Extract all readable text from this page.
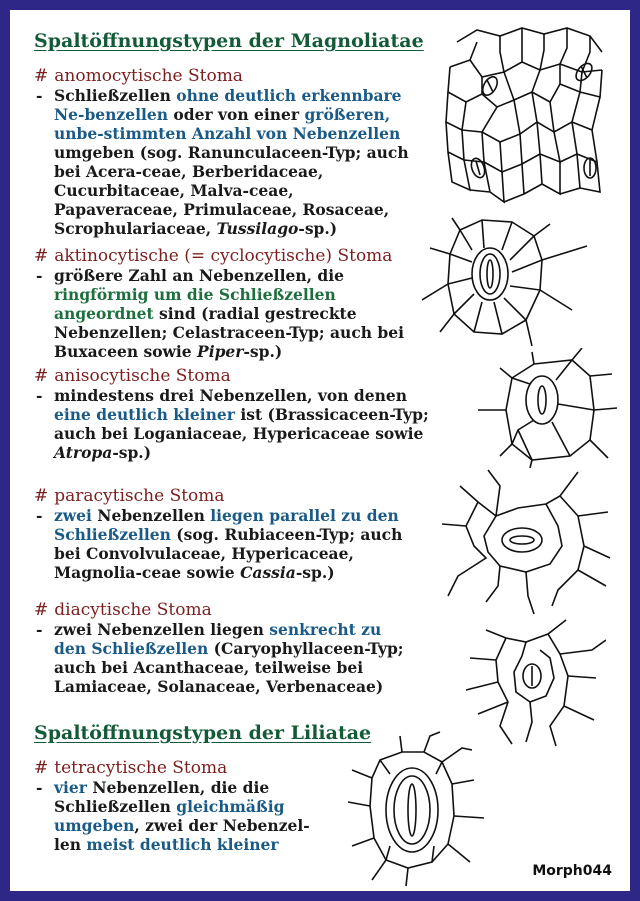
Spaltöffnungstypen der Magnoliatae
# anomocytische Stoma
- Schließzellen ohne deutlich erkennbare Ne-benzellen oder von einer größeren, unbe-stimmten Anzahl von Nebenzellen umgeben (sog. Ranunculaceen-Typ; auch bei Acera-ceae, Berberidaceae, Cucurbitaceae, Malva-ceae, Papaveraceae, Primulaceae, Rosaceae, Scrophulariaceae, Tussilago-sp.)
# aktinocytische (= cyclocytische) Stoma
- größere Zahl an Nebenzellen, die ringförmig um die Schließzellen angeordnet sind (radial gestreckte Nebenzellen; Celastraceen-Typ; auch bei Buxaceen sowie Piper-sp.)
# anisocytische Stoma
- mindestens drei Nebenzellen, von denen eine deutlich kleiner ist (Brassicaceen-Typ; auch bei Loganiaceae, Hypericaceae sowie Atropa-sp.)
# paracytische Stoma
- zwei Nebenzellen liegen parallel zu den Schließzellen (sog. Rubiaceen-Typ; auch bei Convolvulaceae, Hypericaceae, Magnolia-ceae sowie Cassia-sp.)
# diacytische Stoma
- zwei Nebenzellen liegen senkrecht zu den Schließzellen (Caryophyllaceen-Typ; auch bei Acanthaceae, teilweise bei Lamiaceae, Solanaceae, Verbenaceae)
Spaltöffnungstypen der Liliatae
# tetracytische Stoma
- vier Nebenzellen, die die Schließzellen gleichmäßig umgeben, zwei der Nebenzel-len meist deutlich kleiner
Morph044
